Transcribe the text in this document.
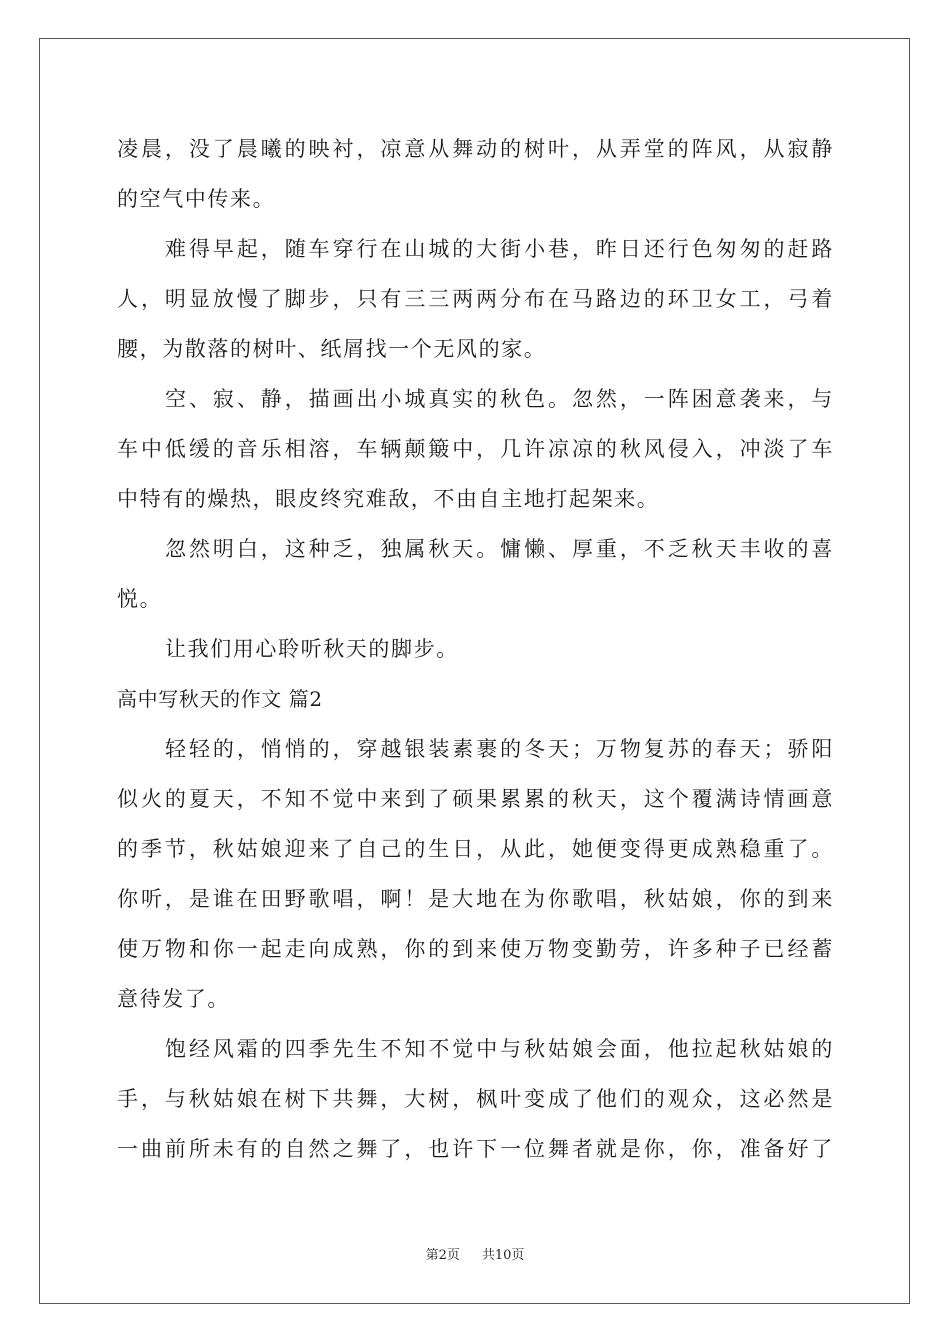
凌晨，没了晨曦的映衬，凉意从舞动的树叶，从弄堂的阵风，从寂静
的空气中传来。
难得早起，随车穿行在山城的大街小巷，昨日还行色匆匆的赶路
人，明显放慢了脚步，只有三三两两分布在马路边的环卫女工，弓着
腰，为散落的树叶、纸屑找一个无风的家。
空、寂、静，描画出小城真实的秋色。忽然，一阵困意袭来，与
车中低缓的音乐相溶，车辆颠簸中，几许凉凉的秋风侵入，冲淡了车
中特有的燥热，眼皮终究难敌，不由自主地打起架来。
忽然明白，这种乏，独属秋天。慵懒、厚重，不乏秋天丰收的喜
悦。
让我们用心聆听秋天的脚步。
高中写秋天的作文 篇2
轻轻的，悄悄的，穿越银装素裹的冬天；万物复苏的春天；骄阳
似火的夏天，不知不觉中来到了硕果累累的秋天，这个覆满诗情画意
的季节，秋姑娘迎来了自己的生日，从此，她便变得更成熟稳重了。
你听，是谁在田野歌唱，啊！是大地在为你歌唱，秋姑娘，你的到来
使万物和你一起走向成熟，你的到来使万物变勤劳，许多种子已经蓄
意待发了。
饱经风霜的四季先生不知不觉中与秋姑娘会面，他拉起秋姑娘的
手，与秋姑娘在树下共舞，大树，枫叶变成了他们的观众，这必然是
一曲前所未有的自然之舞了，也许下一位舞者就是你，你，准备好了
第2页 共10页
